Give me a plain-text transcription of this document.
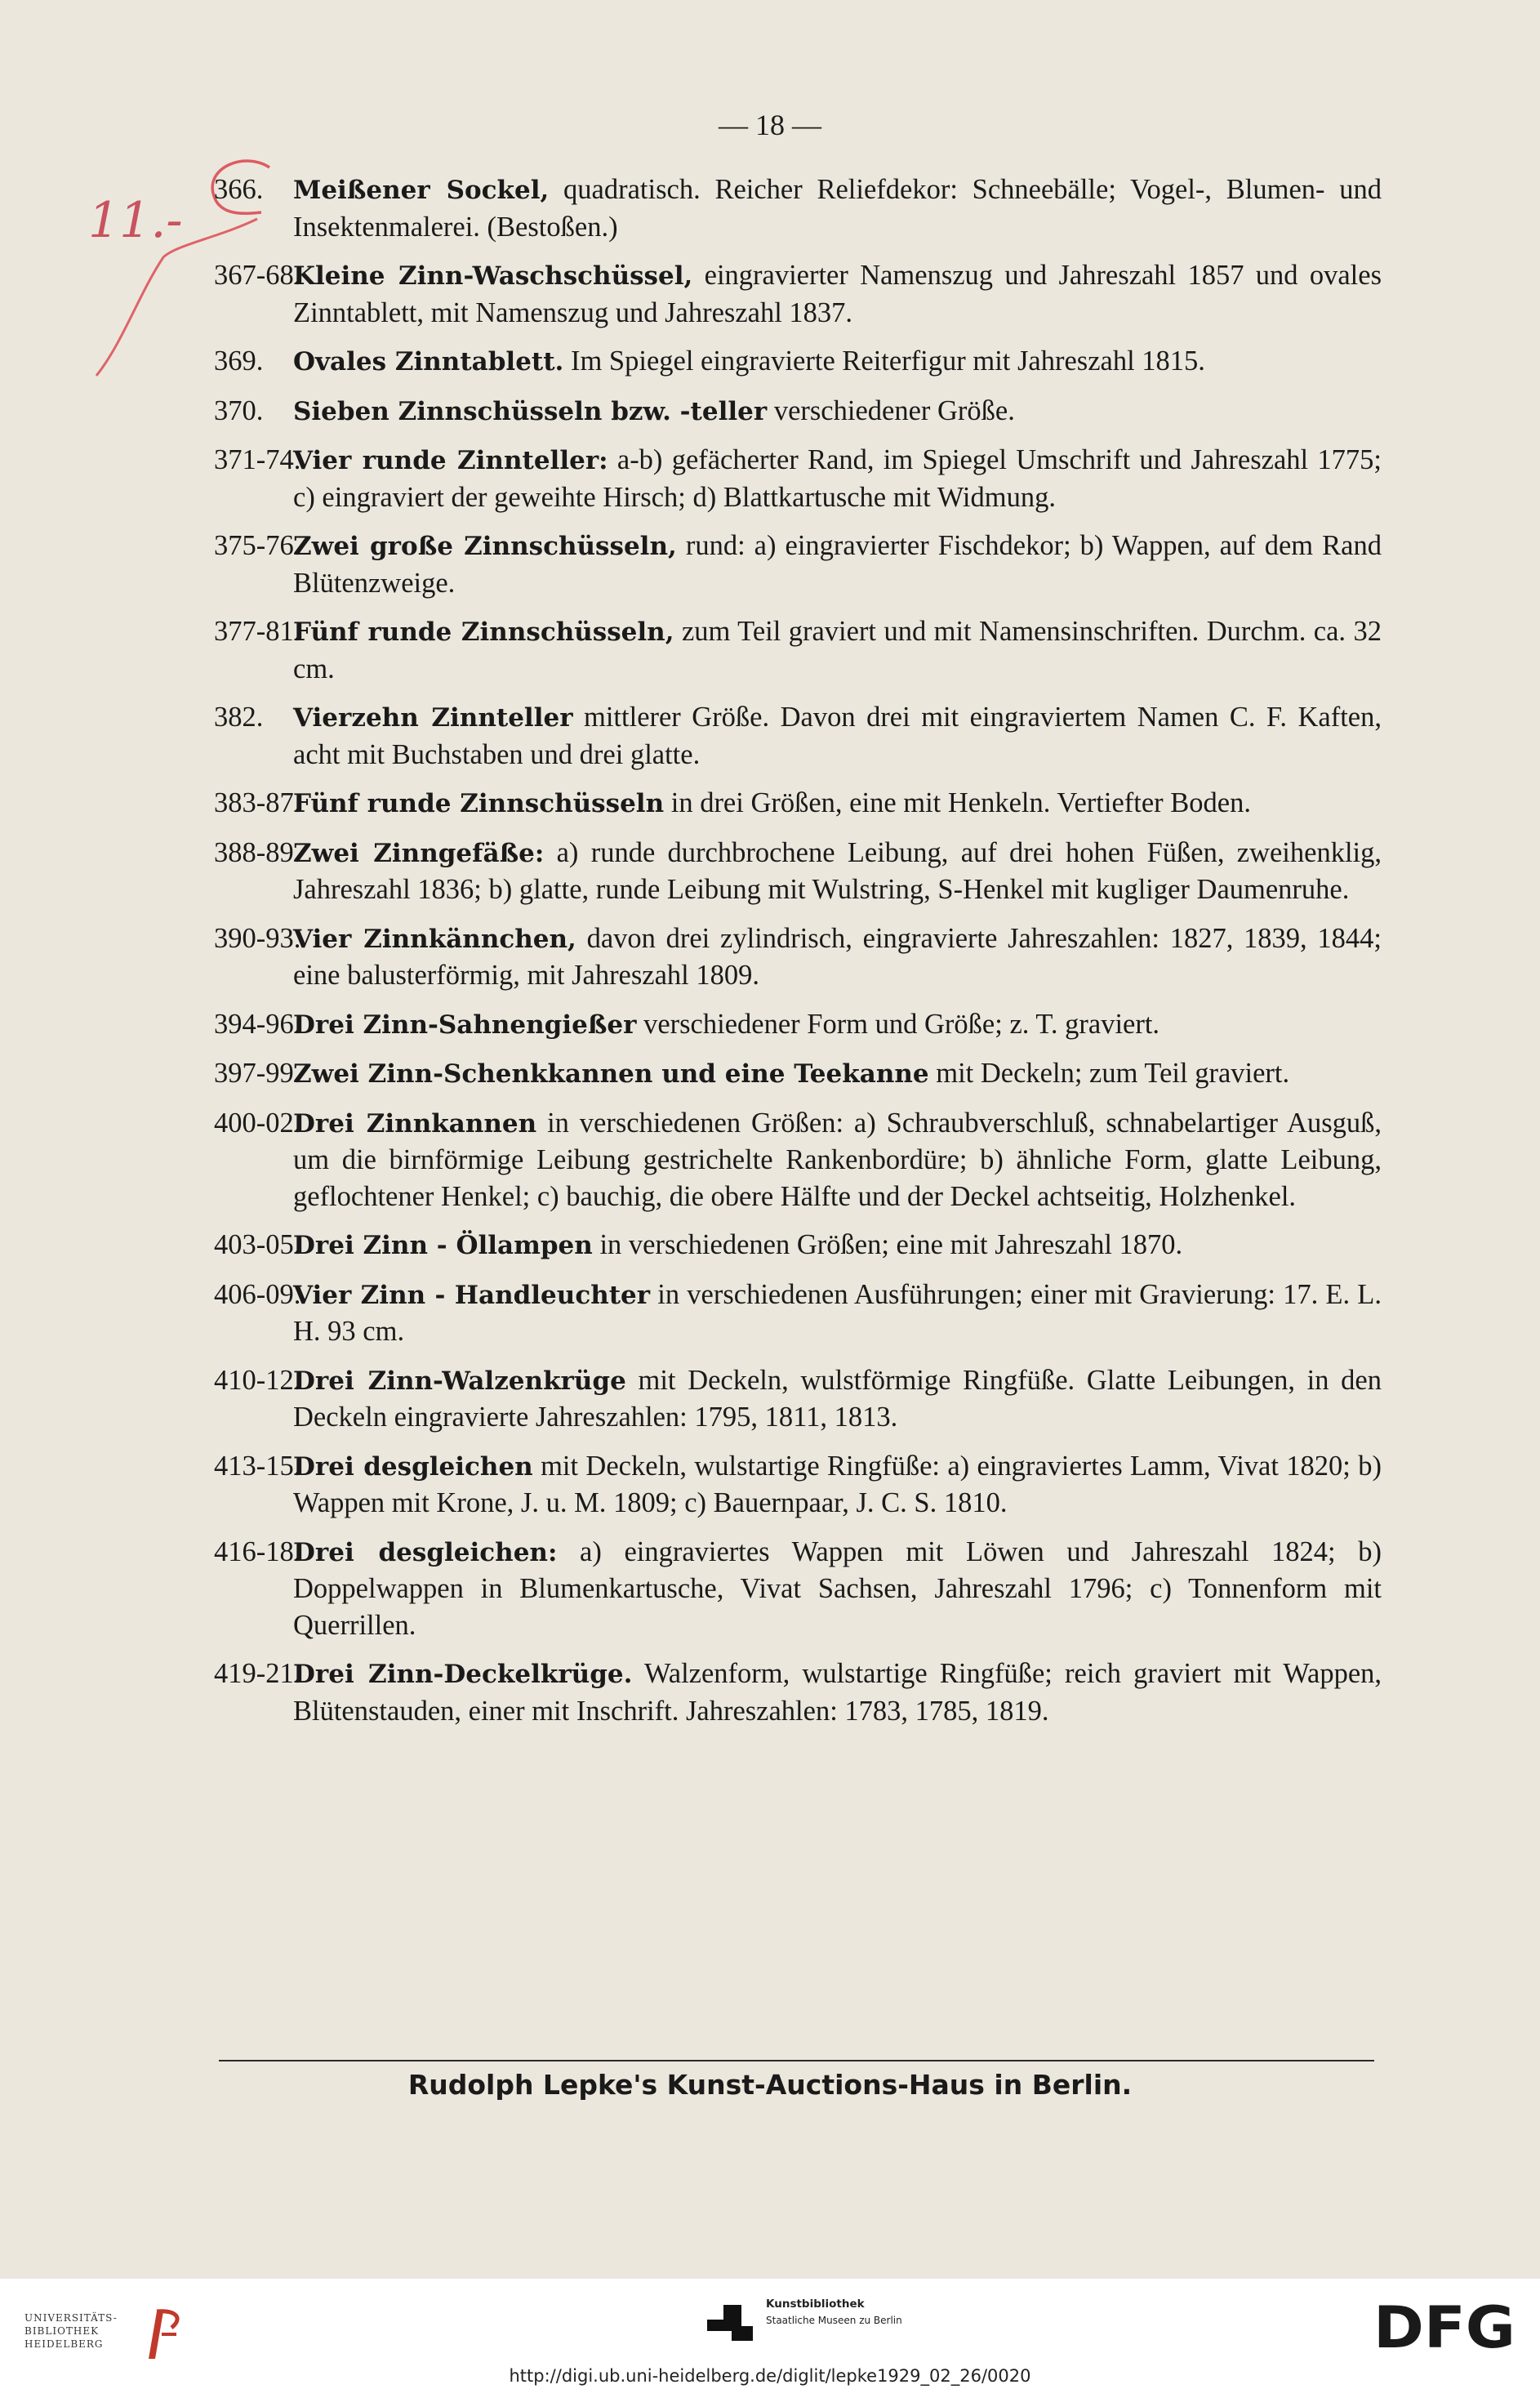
— 18 —
11.-
366. Meißener Sockel, quadratisch. Reicher Reliefdekor: Schneebälle; Vogel-, Blumen- und Insektenmalerei. (Bestoßen.)
367-68.
Kleine Zinn-Waschschüssel, eingravierter Namenszug und Jahreszahl 1857 und ovales Zinntablett, mit Namenszug und Jahreszahl 1837.
369. Ovales Zinntablett. Im Spiegel eingravierte Reiterfigur mit Jahreszahl 1815.
370. Sieben Zinnschüsseln bzw. -teller verschiedener Größe.
371-74.
Vier runde Zinnteller: a-b) gefächerter Rand, im Spiegel Umschrift und Jahreszahl 1775; c) eingraviert der geweihte Hirsch; d) Blattkartusche mit Widmung.
375-76.
Zwei große Zinnschüsseln, rund: a) eingravierter Fischdekor; b) Wappen, auf dem Rand Blütenzweige.
377-81.
Fünf runde Zinnschüsseln, zum Teil graviert und mit Namensinschriften. Durchm. ca. 32 cm.
382. Vierzehn Zinnteller mittlerer Größe. Davon drei mit eingraviertem Namen C. F. Kaften, acht mit Buchstaben und drei glatte.
383-87.
Fünf runde Zinnschüsseln in drei Größen, eine mit Henkeln. Vertiefter Boden.
388-89.
Zwei Zinngefäße: a) runde durchbrochene Leibung, auf drei hohen Füßen, zweihenklig, Jahreszahl 1836; b) glatte, runde Leibung mit Wulstring, S-Henkel mit kugliger Daumenruhe.
390-93.
Vier Zinnkännchen, davon drei zylindrisch, eingravierte Jahreszahlen: 1827, 1839, 1844; eine balusterförmig, mit Jahreszahl 1809.
394-96.
Drei Zinn-Sahnengießer verschiedener Form und Größe; z. T. graviert.
397-99.
Zwei Zinn-Schenkkannen und eine Teekanne mit Deckeln; zum Teil graviert.
400-02.
Drei Zinnkannen in verschiedenen Größen: a) Schraubverschluß, schnabelartiger Ausguß, um die birnförmige Leibung gestrichelte Rankenbordüre; b) ähnliche Form, glatte Leibung, geflochtener Henkel; c) bauchig, die obere Hälfte und der Deckel achtseitig, Holzhenkel.
403-05.
Drei Zinn - Öllampen in verschiedenen Größen; eine mit Jahreszahl 1870.
406-09.
Vier Zinn - Handleuchter in verschiedenen Ausführungen; einer mit Gravierung: 17. E. L. H. 93 cm.
410-12.
Drei Zinn-Walzenkrüge mit Deckeln, wulstförmige Ringfüße. Glatte Leibungen, in den Deckeln eingravierte Jahreszahlen: 1795, 1811, 1813.
413-15.
Drei desgleichen mit Deckeln, wulstartige Ringfüße: a) eingraviertes Lamm, Vivat 1820; b) Wappen mit Krone, J. u. M. 1809; c) Bauernpaar, J. C. S. 1810.
416-18.
Drei desgleichen: a) eingraviertes Wappen mit Löwen und Jahreszahl 1824; b) Doppelwappen in Blumenkartusche, Vivat Sachsen, Jahreszahl 1796; c) Tonnenform mit Querrillen.
419-21.
Drei Zinn-Deckelkrüge. Walzenform, wulstartige Ringfüße; reich graviert mit Wappen, Blütenstauden, einer mit Inschrift. Jahreszahlen: 1783, 1785, 1819.
Rudolph Lepke's Kunst-Auctions-Haus in Berlin.
UNIVERSITÄTS-
BIBLIOTHEK
HEIDELBERG
Kunstbibliothek
Staatliche Museen zu Berlin	DFG
http://digi.ub.uni-heidelberg.de/diglit/lepke1929_02_26/0020
